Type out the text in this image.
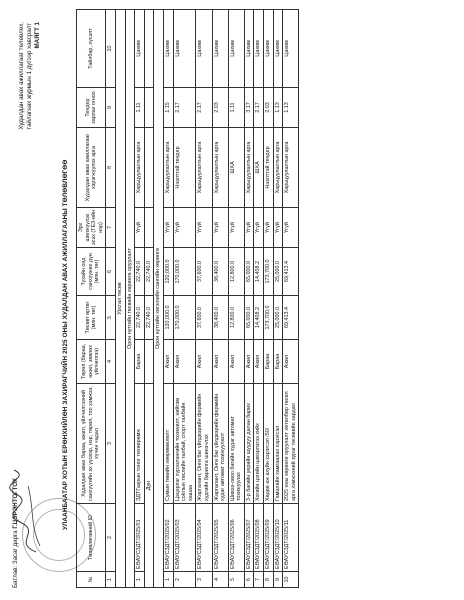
Батлав: Засаг дарга Г.ЦЭРЭНТОГТОХ
Худалдан авах ажиллагааг төлөвлөх, тайлагнах журмын 1 дүгээр хавсралт МАЯГТ 1
УЛААНБААТАР ХОТЫН ЕРӨНХИЙЛӨН ЗАХИРАГЧИЙН 2025 ОНЫ ХУДАЛДАН АВАХ АЖИЛЛАГААНЫ ТӨЛӨВЛӨГӨӨ
№	Төлөвлөгөөний ID	Худалдан авах бараа, ажил, үйлчилгээний санхүүгийн эх үүсвэр, нэр, төрөл, тоо хэмжээ, хүчин чадал	Төрөл (бараа, ажил, зөвлөх үйлчилгээ)	Төсөвт өртөг (мян. төг)	Тухайн онд санхүүжих дүн (мян. төг)	Эрх шилжүүлэх эсэх (ТЕЗ-ийн нэр)	Худалдан авах ажиллагааг хэрэгжүүлэх арга	Тендер зарлах огноо	Тайлбар, хүсэлт
1	2	3	4	5	6	7	8	9	10
Урсгал төсөв									
Орон нутгийн төсвийн хөрөнгө оруулалт									
1	ЕӨАУСЗДТ/2025/01	ЗДТГазрын тоног төхөөрөмж	Бараа	22,740.0	22,740.0	Үгүй	Харьцуулалтын арга	1.11	Цахим
Дүн				22,740.0	22,740.0				
Орон нутгийн хөгжлийн сангийн хөрөнгө									
1	ЕӨАУСЗДТ/2025/02	Сумын төвийн хөөрөмжлөлт	Ажил	120,000.0	120,000.0	Үгүй	Харьцуулалтын арга	1.15	Цахим
2	ЕӨАУСЗДТ/2025/03	Цэцэрлэг хүрээлэнгийн тохижилт, нийгэм соёлын төслийн талбай, спорт талбайн хашаа	Ажил	170,000.0	170,000.0	Үгүй	Нээлттэй тендер	2.17	Цахим
3	ЕӨАУСЗДТ/2025/04	Жаргалант, Онги баг үйлдвэрийн фермийн худгийн барилга шинэчлэх	Ажил	37,600.0	37,600.0	Үгүй	Харьцуулалтын арга	2.17	Цахим
4	ЕӨАУСЗДТ/2025/05	Жаргалант, Онги баг үйлдвэрийн фермийн худаг автомат тохижуулалт	Ажил	38,400.0	38,400.0	Үгүй	Харьцуулалтын арга	2.03	Цахим
5	ЕӨАУСЗДТ/2025/06	Шивээ-овоо багийн худаг автомат тохижуулах	Ажил	12,800.0	12,800.0	Үгүй	ШХА	1.11	Цахим
6	ЕӨАУСЗДТ/2025/07	3-р багийн уерийн шуудуу далан барих	Ажил	65,000.0	65,000.0	Үгүй	Харьцуулалтын арга	3.17	Цахим
7	ЕӨАУСЗДТ/2025/08	Хогийн цэгийн цэвэрлэгээ хийх	Ажил	14,408.2	14,408.2	Үгүй	ШХА	2.17	Цахим
8	ЕӨАУСЗДТ/2025/09	Хөдөө аж ахуйн хэрэгсэл /50/	Бараа	173,700.0	173,700.0	Үгүй	Нээлттэй тендер	2.03	Цахим
9	ЕӨАУСЗДТ/2025/10	Гамшгийн хамгаалах хэрэгсэл	Бараа	25,000.0	25,000.0	Үгүй	Харьцуулалтын арга	1.13	Цахим
10	ЕӨАУСЗДТ/2025/11	2025 оны хөрөнгө оруулалт хөтөлбөр төсөл арга хэмжээний зураг төсөвийн зардал	Ажил	69,413.4	69,413.4	Үгүй	Харьцуулалтын арга	1.13	Цахим
